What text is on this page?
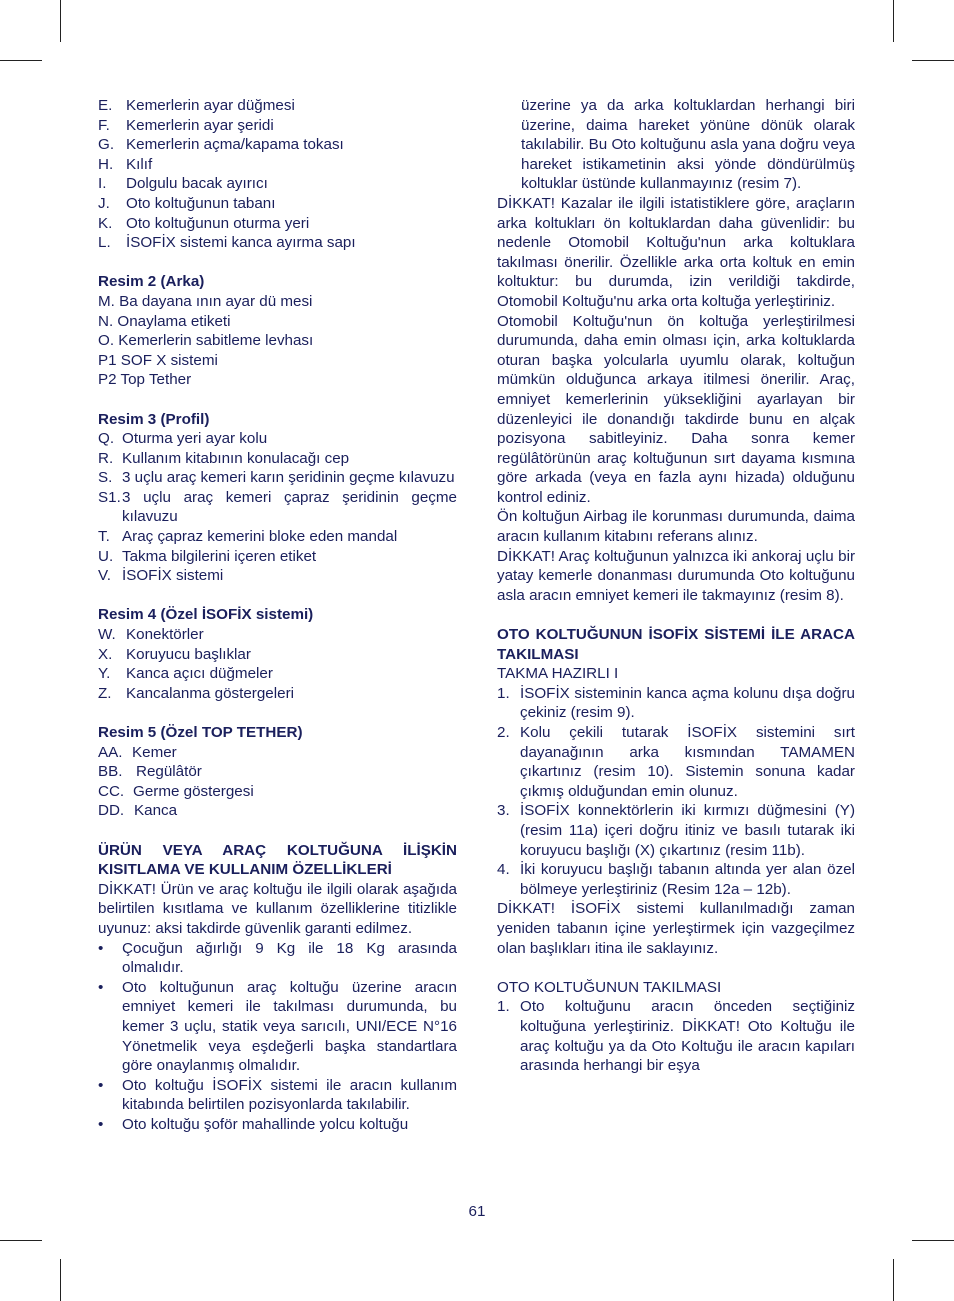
E. Kemerlerin ayar düğmesi
F.	Kemerlerin ayar şeridi
G. Kemerlerin açma/kapama tokası
H. Kılıf
I.	Dolgulu bacak ayırıcı
J.	Oto koltuğunun tabanı
K. Oto koltuğunun oturma yeri
L.	İSOFİX sistemi kanca ayırma sapı
Resim 2 (Arka)
M. Ba dayana ının ayar dü mesi
N. Onaylama etiketi
O. Kemerlerin sabitleme levhası
P1 SOF X sistemi
P2 Top Tether
Resim 3 (Profil)
Q. Oturma yeri ayar kolu
R. Kullanım kitabının konulacağı cep
S. 3 uçlu araç kemeri karın şeridinin geçme kılavuzu
S1. 3 uçlu araç kemeri çapraz şeridinin geçme kılavuzu
T. Araç çapraz kemerini bloke eden mandal
U. Takma bilgilerini içeren etiket
V. İSOFİX sistemi
Resim 4 (Özel İSOFİX sistemi)
W. Konektörler
X. Koruyucu başlıklar
Y.	Kanca açıcı düğmeler
Z. Kancalanma göstergeleri
Resim 5 (Özel TOP TETHER)
AA. Kemer
BB. Regülâtör
CC. Germe göstergesi
DD. Kanca
ÜRÜN VEYA ARAÇ KOLTUĞUNA İLİŞKİN KISITLAMA VE KULLANIM ÖZELLİKLERİ
DİKKAT! Ürün ve araç koltuğu ile ilgili olarak aşağıda belirtilen kısıtlama ve kullanım özelliklerine titizlikle uyunuz: aksi takdirde güvenlik garanti edilmez.
•	Çocuğun ağırlığı 9 Kg ile 18 Kg arasında olmalıdır.
•	Oto koltuğunun araç koltuğu üzerine aracın emniyet kemeri ile takılması durumunda, bu kemer 3 uçlu, statik veya sarıcılı, UNI/ECE N°16 Yönetmelik veya eşdeğerli başka standartlara göre onaylanmış olmalıdır.
•	Oto koltuğu İSOFİX sistemi ile aracın kullanım kitabında belirtilen pozisyonlarda takılabilir.
•	Oto koltuğu şoför mahallinde yolcu koltuğu
üzerine ya da arka koltuklardan herhangi biri üzerine, daima hareket yönüne dönük olarak takılabilir. Bu Oto koltuğunu asla yana doğru veya hareket istikametinin aksi yönde döndürülmüş koltuklar üstünde kullanmayınız (resim 7).
DİKKAT! Kazalar ile ilgili istatistiklere göre, araçların arka koltukları ön koltuklardan daha güvenlidir: bu nedenle Otomobil Koltuğu'nun arka koltuklara takılması önerilir. Özellikle arka orta koltuk en emin koltuktur: bu durumda, izin verildiği takdirde, Otomobil Koltuğu'nu arka orta koltuğa yerleştiriniz.
Otomobil Koltuğu'nun ön koltuğa yerleştirilmesi durumunda, daha emin olması için, arka koltuklarda oturan başka yolcularla uyumlu olarak, koltuğun mümkün olduğunca arkaya itilmesi önerilir. Araç, emniyet kemerlerinin yüksekliğini ayarlayan bir düzenleyici ile donandığı takdirde bunu en alçak pozisyona sabitleyiniz. Daha sonra kemer regülâtörünün araç koltuğunun sırt dayama kısmına göre arkada (veya en fazla aynı hizada) olduğunu kontrol ediniz.
Ön koltuğun Airbag ile korunması durumunda, daima aracın kullanım kitabını referans alınız.
DİKKAT! Araç koltuğunun yalnızca iki ankoraj uçlu bir yatay kemerle donanması durumunda Oto koltuğunu asla aracın emniyet kemeri ile takmayınız (resim 8).
OTO KOLTUĞUNUN İSOFİX SİSTEMİ İLE ARACA TAKILMASI
TAKMA HAZIRLI I
1. İSOFİX sisteminin kanca açma kolunu dışa doğru çekiniz (resim 9).
2. Kolu çekili tutarak İSOFİX sistemini sırt dayanağının arka kısmından TAMAMEN çıkartınız (resim 10). Sistemin sonuna kadar çıkmış olduğundan emin olunuz.
3. İSOFİX konnektörlerin iki kırmızı düğmesini (Y) (resim 11a) içeri doğru itiniz ve basılı tutarak iki koruyucu başlığı (X) çıkartınız (resim 11b).
4. İki koruyucu başlığı tabanın altında yer alan özel bölmeye yerleştiriniz (Resim 12a – 12b).
DİKKAT! İSOFİX sistemi kullanılmadığı zaman yeniden tabanın içine yerleştirmek için vazgeçilmez olan başlıkları itina ile saklayınız.
OTO KOLTUĞUNUN TAKILMASI
1. Oto koltuğunu aracın önceden seçtiğiniz koltuğuna yerleştiriniz. DİKKAT! Oto Koltuğu ile araç koltuğu ya da Oto Koltuğu ile aracın kapıları arasında herhangi bir eşya
61
